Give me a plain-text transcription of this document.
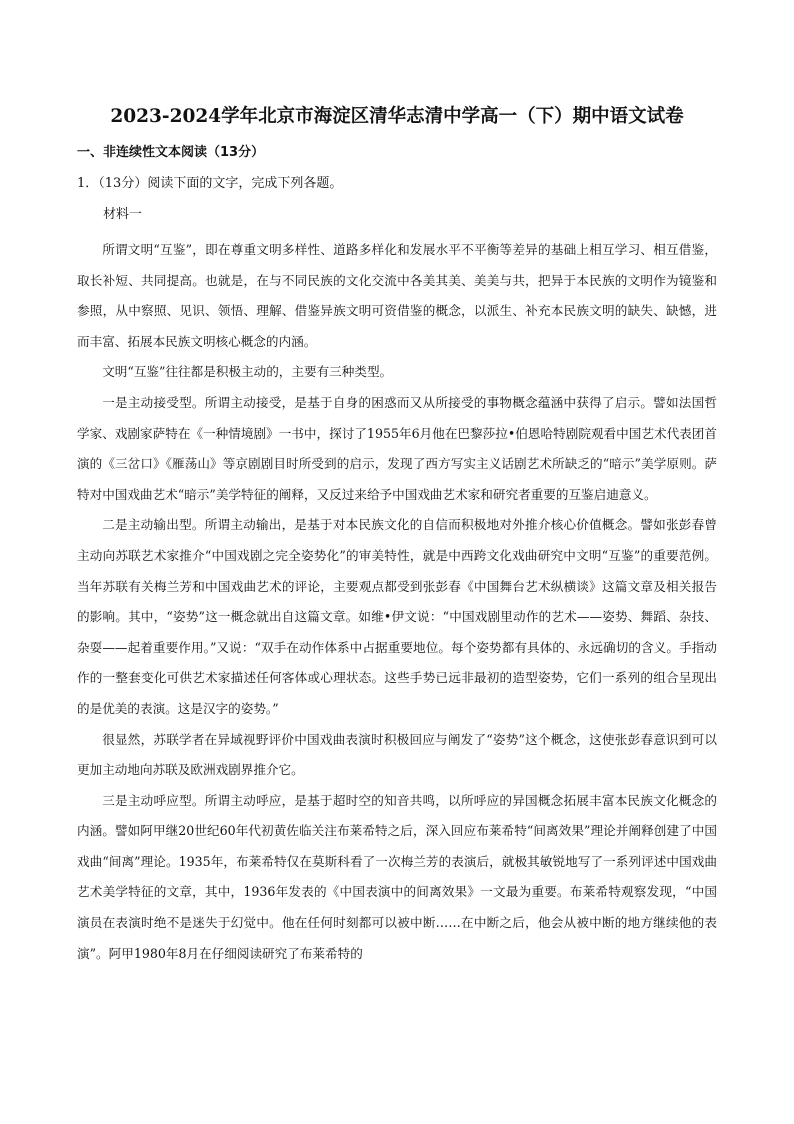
2023-2024学年北京市海淀区清华志清中学高一（下）期中语文试卷
一、非连续性文本阅读（13分）
1．（13分）阅读下面的文字，完成下列各题。
材料一

所谓文明“互鉴”，即在尊重文明多样性、道路多样化和发展水平不平衡等差异的基础上相互学习、相互借鉴，取长补短、共同提高。也就是，在与不同民族的文化交流中各美其美、美美与共，把异于本民族的文明作为镜鉴和参照，从中察照、见识、领悟、理解、借鉴异族文明可资借鉴的概念，以派生、补充本民族文明的缺失、缺憾，进而丰富、拓展本民族文明核心概念的内涵。

文明“互鉴”往往都是积极主动的，主要有三种类型。

一是主动接受型。所谓主动接受，是基于自身的困惑而又从所接受的事物概念蕴涵中获得了启示。譬如法国哲学家、戏剧家萨特在《一种情境剧》一书中，探讨了1955年6月他在巴黎莎拉•伯恩哈特剧院观看中国艺术代表团首演的《三岔口》《雁荡山》等京剧剧目时所受到的启示，发现了西方写实主义话剧艺术所缺乏的“暗示”美学原则。萨特对中国戏曲艺术“暗示”美学特征的阐释，又反过来给予中国戏曲艺术家和研究者重要的互鉴启迪意义。

二是主动输出型。所谓主动输出，是基于对本民族文化的自信而积极地对外推介核心价值概念。譬如张彭春曾主动向苏联艺术家推介“中国戏剧之完全姿势化”的审美特性，就是中西跨文化戏曲研究中文明“互鉴”的重要范例。当年苏联有关梅兰芳和中国戏曲艺术的评论，主要观点都受到张彭春《中国舞台艺术纵横谈》这篇文章及相关报告的影响。其中，“姿势”这一概念就出自这篇文章。如维•伊文说：“中国戏剧里动作的艺术——姿势、舞蹈、杂技、杂耍——起着重要作用。”又说：“双手在动作体系中占据重要地位。每个姿势都有具体的、永远确切的含义。手指动作的一整套变化可供艺术家描述任何客体或心理状态。这些手势已远非最初的造型姿势，它们一系列的组合呈现出的是优美的表演。这是汉字的姿势。”

很显然，苏联学者在异域视野评价中国戏曲表演时积极回应与阐发了“姿势”这个概念，这使张彭春意识到可以更加主动地向苏联及欧洲戏剧界推介它。

三是主动呼应型。所谓主动呼应，是基于超时空的知音共鸣，以所呼应的异国概念拓展丰富本民族文化概念的内涵。譬如阿甲继20世纪60年代初黄佐临关注布莱希特之后，深入回应布莱希特“间离效果”理论并阐释创建了中国戏曲“间离”理论。1935年，布莱希特仅在莫斯科看了一次梅兰芳的表演后，就极其敏锐地写了一系列评述中国戏曲艺术美学特征的文章，其中，1936年发表的《中国表演中的间离效果》一文最为重要。布莱希特观察发现，“中国演员在表演时绝不是迷失于幻觉中。他在任何时刻都可以被中断……在中断之后，他会从被中断的地方继续他的表演”。阿甲1980年8月在仔细阅读研究了布莱希特的
